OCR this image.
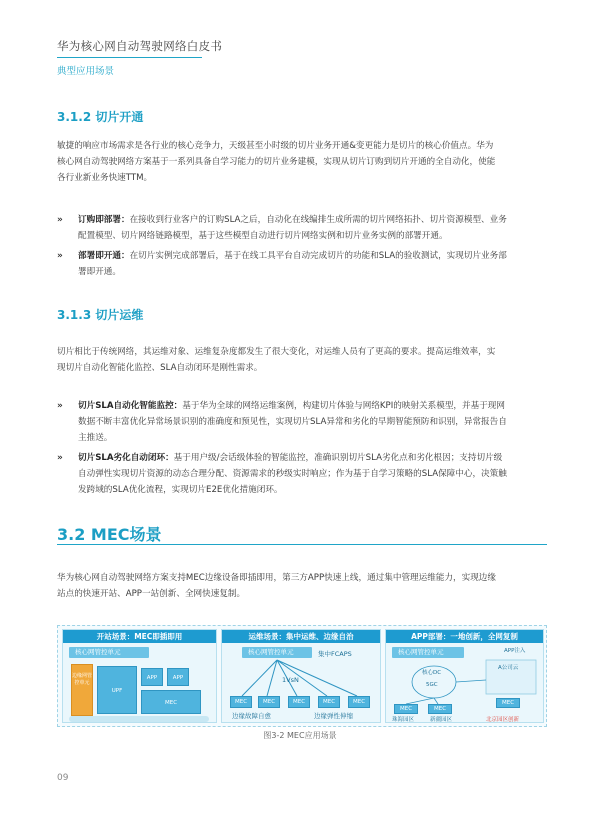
华为核心网自动驾驶网络白皮书
典型应用场景
3.1.2 切片开通
敏捷的响应市场需求是各行业的核心竞争力，天级甚至小时级的切片业务开通&变更能力是切片的核心价值点。华为
核心网自动驾驶网络方案基于一系列具备自学习能力的切片业务建模，实现从切片订购到切片开通的全自动化，使能
各行业新业务快速TTM。
» 订购即部署：在接收到行业客户的订购SLA之后，自动化在线编排生成所需的切片网络拓扑、切片资源模型、业务
配置模型、切片网络链路模型，基于这些模型自动进行切片网络实例和切片业务实例的部署开通。
» 部署即开通：在切片实例完成部署后，基于在线工具平台自动完成切片的功能和SLA的验收测试，实现切片业务部
署即开通。
3.1.3 切片运维
切片相比于传统网络，其运维对象、运维复杂度都发生了很大变化，对运维人员有了更高的要求。提高运维效率，实
现切片自动化智能化监控、SLA自动闭环是刚性需求。
» 切片SLA自动化智能监控：基于华为全球的网络运维案例，构建切片体验与网络KPI的映射关系模型，并基于现网
数据不断丰富优化异常场景识别的准确度和预见性，实现切片SLA异常和劣化的早期智能预防和识别，异常报告自
主推送。
» 切片SLA劣化自动闭环：基于用户级/会话级体验的智能监控，准确识别切片SLA劣化点和劣化根因；支持切片级
自动弹性实现切片资源的动态合理分配、资源需求的秒级实时响应；作为基于自学习策略的SLA保障中心，决策触
发跨域的SLA优化流程，实现切片E2E优化措施闭环。
3.2 MEC场景
华为核心网自动驾驶网络方案支持MEC边缘设备即插即用，第三方APP快速上线，通过集中管理运维能力，实现边缘
站点的快速开站、APP一站创新、全网快速复制。
开站场景：MEC即插即用
核心网管控单元
边缘网管控单元
UPF
APP	APP
MEC
运维场景：集中运维、边缘自治
核心网管控单元	集中FCAPS
1VsN
MEC	MEC	MEC	MEC	MEC
边缘故障自愈	边缘弹性伸缩
APP部署：一地创新，全网复制
核心网管控单元	APP注入
核心DC
5GC
A公司云
MEC	MEC
MEC
珠海园区	新疆园区	北京园区创新
图3-2 MEC应用场景
09
